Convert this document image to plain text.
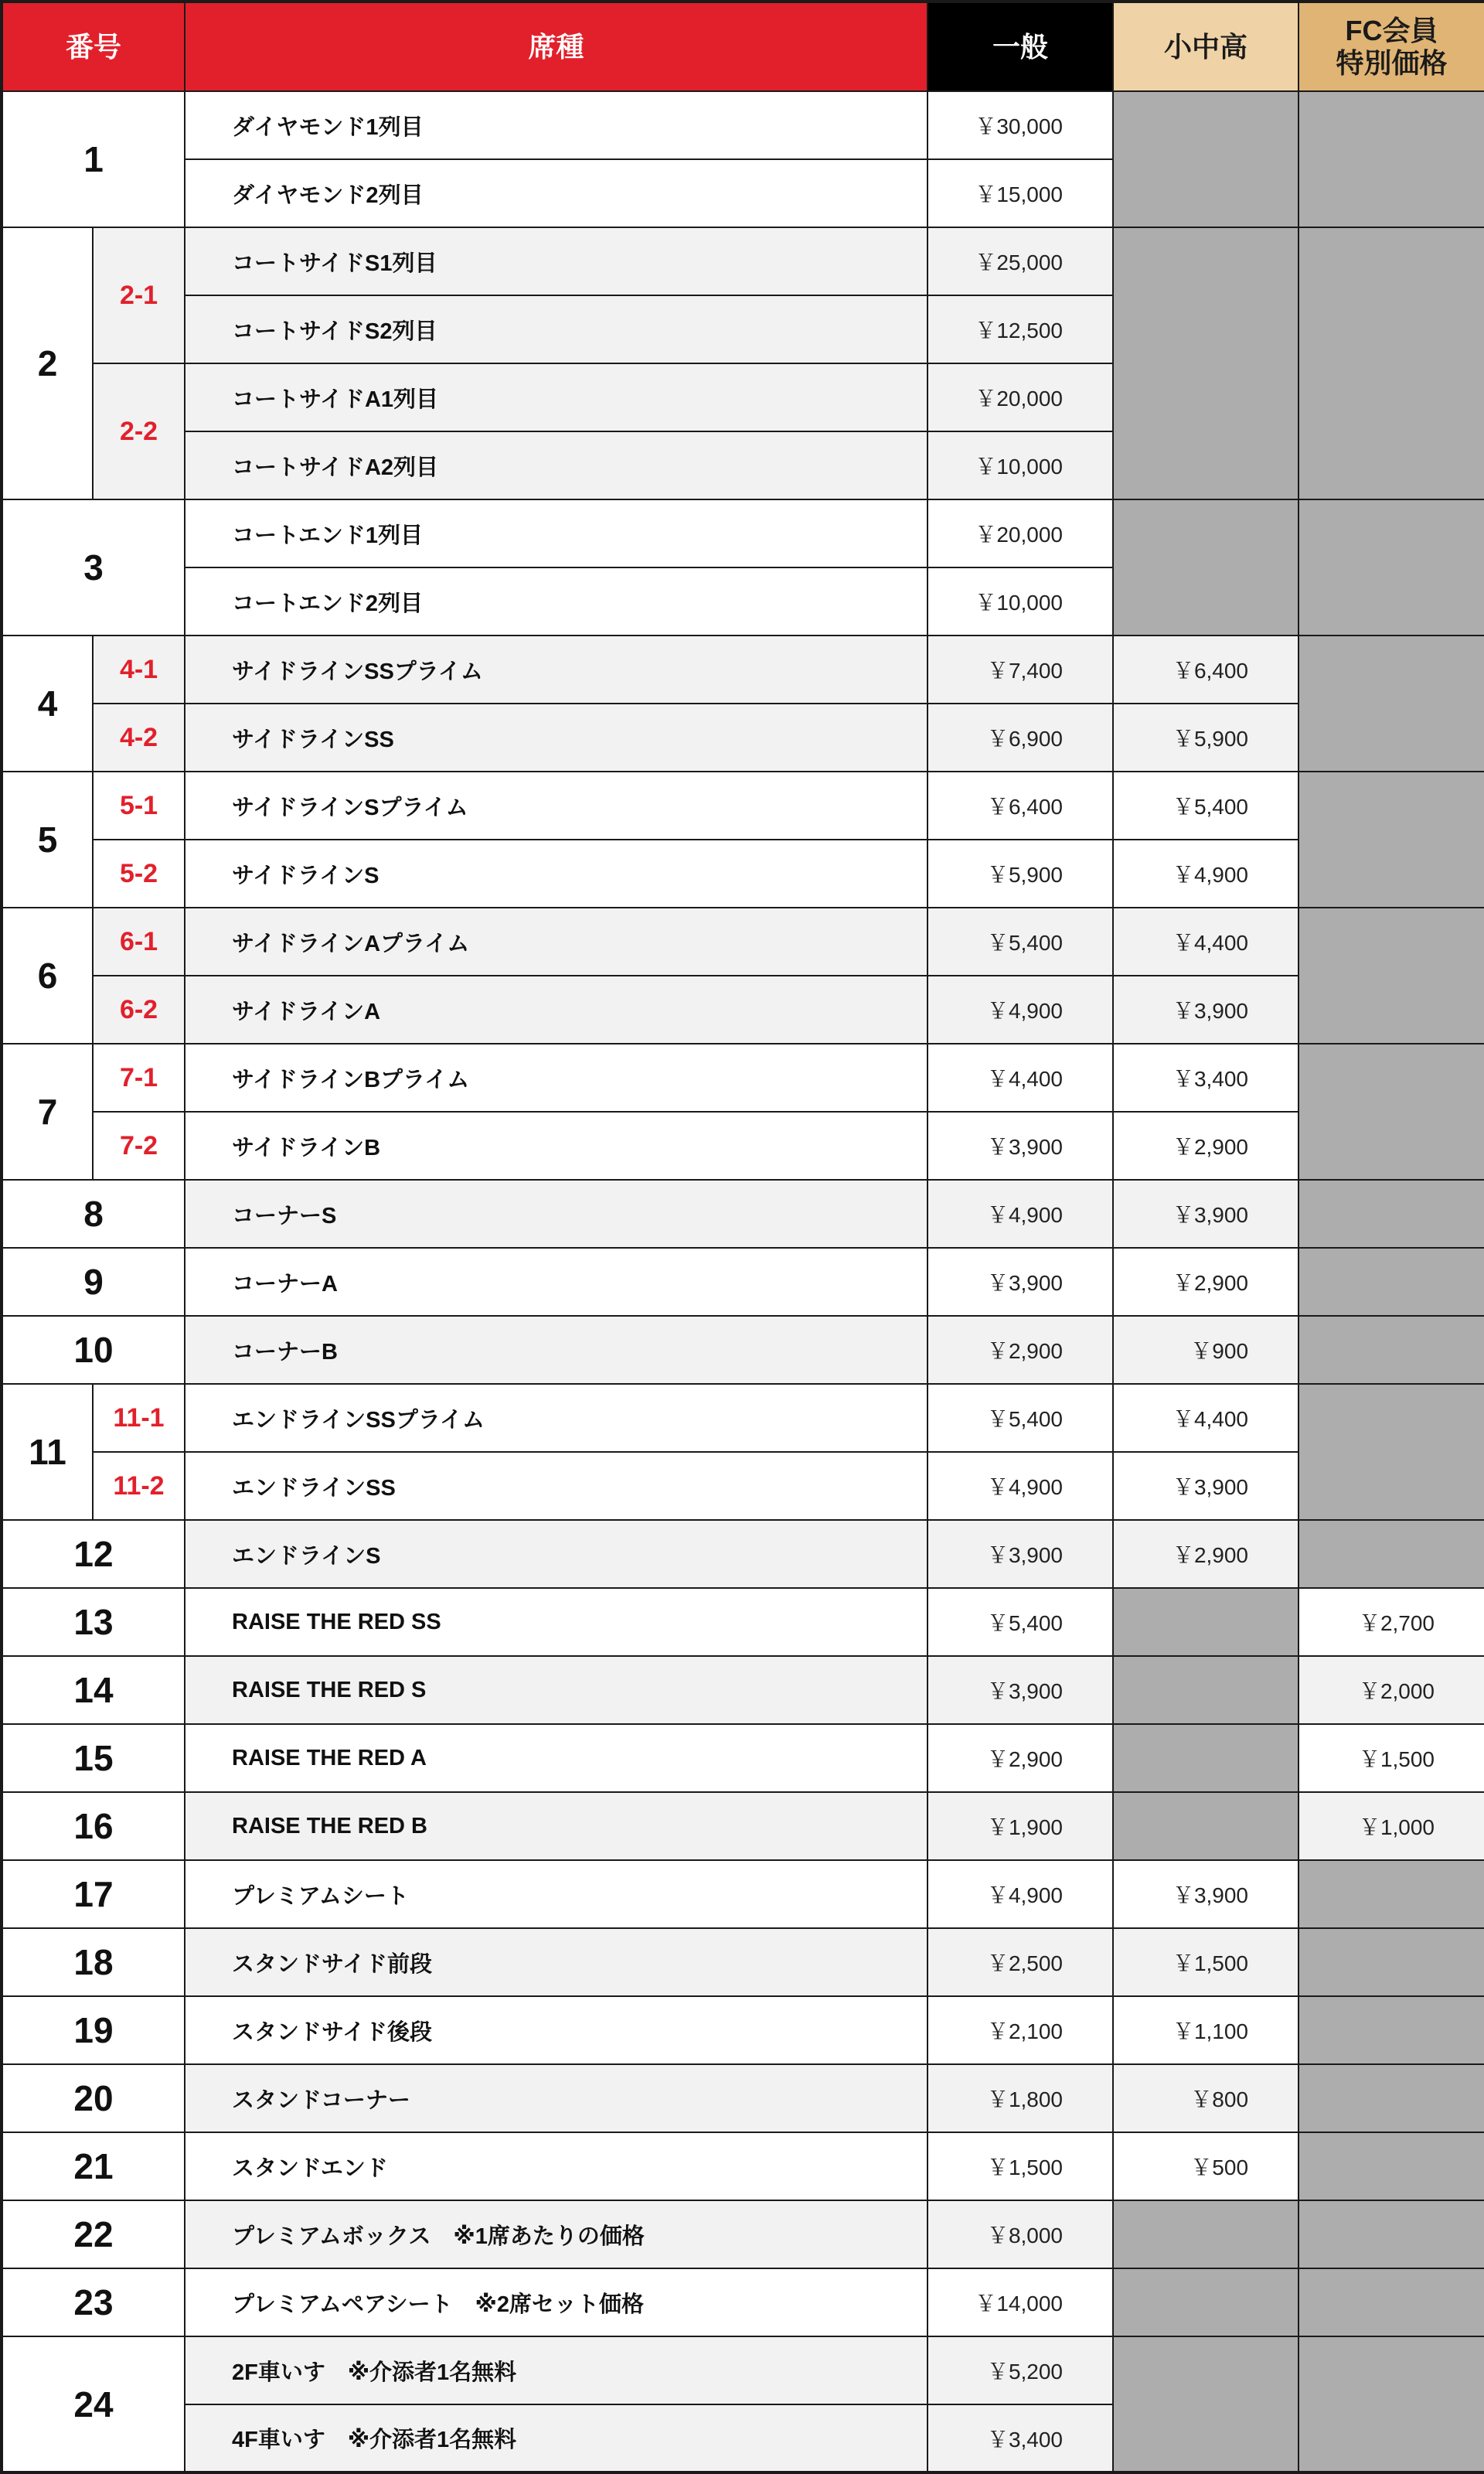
番号		席種	一般	小中高	FC会員
特別価格
1		ダイヤモンド1列目	￥30,000		
		ダイヤモンド2列目	￥15,000		
2	2-1	コートサイドS1列目	￥25,000		
		コートサイドS2列目	￥12,500		
	2-2	コートサイドA1列目	￥20,000		
		コートサイドA2列目	￥10,000		
3		コートエンド1列目	￥20,000		
		コートエンド2列目	￥10,000		
4	4-1	サイドラインSSプライム	￥7,400	￥6,400	
	4-2	サイドラインSS	￥6,900	￥5,900	
5	5-1	サイドラインSプライム	￥6,400	￥5,400	
	5-2	サイドラインS	￥5,900	￥4,900	
6	6-1	サイドラインAプライム	￥5,400	￥4,400	
	6-2	サイドラインA	￥4,900	￥3,900	
7	7-1	サイドラインBプライム	￥4,400	￥3,400	
	7-2	サイドラインB	￥3,900	￥2,900	
8		コーナーS	￥4,900	￥3,900	
9		コーナーA	￥3,900	￥2,900	
10		コーナーB	￥2,900	￥900	
11	11-1	エンドラインSSプライム	￥5,400	￥4,400	
	11-2	エンドラインSS	￥4,900	￥3,900	
12		エンドラインS	￥3,900	￥2,900	
13		RAISE THE RED SS	￥5,400		￥2,700
14		RAISE THE RED S	￥3,900		￥2,000
15		RAISE THE RED A	￥2,900		￥1,500
16		RAISE THE RED B	￥1,900		￥1,000
17		プレミアムシート	￥4,900	￥3,900	
18		スタンドサイド前段	￥2,500	￥1,500	
19		スタンドサイド後段	￥2,100	￥1,100	
20		スタンドコーナー	￥1,800	￥800	
21		スタンドエンド	￥1,500	￥500	
22		プレミアムボックス　※1席あたりの価格	￥8,000		
23		プレミアムペアシート　※2席セット価格	￥14,000		
24		2F車いす　※介添者1名無料	￥5,200		
		4F車いす　※介添者1名無料	￥3,400		
